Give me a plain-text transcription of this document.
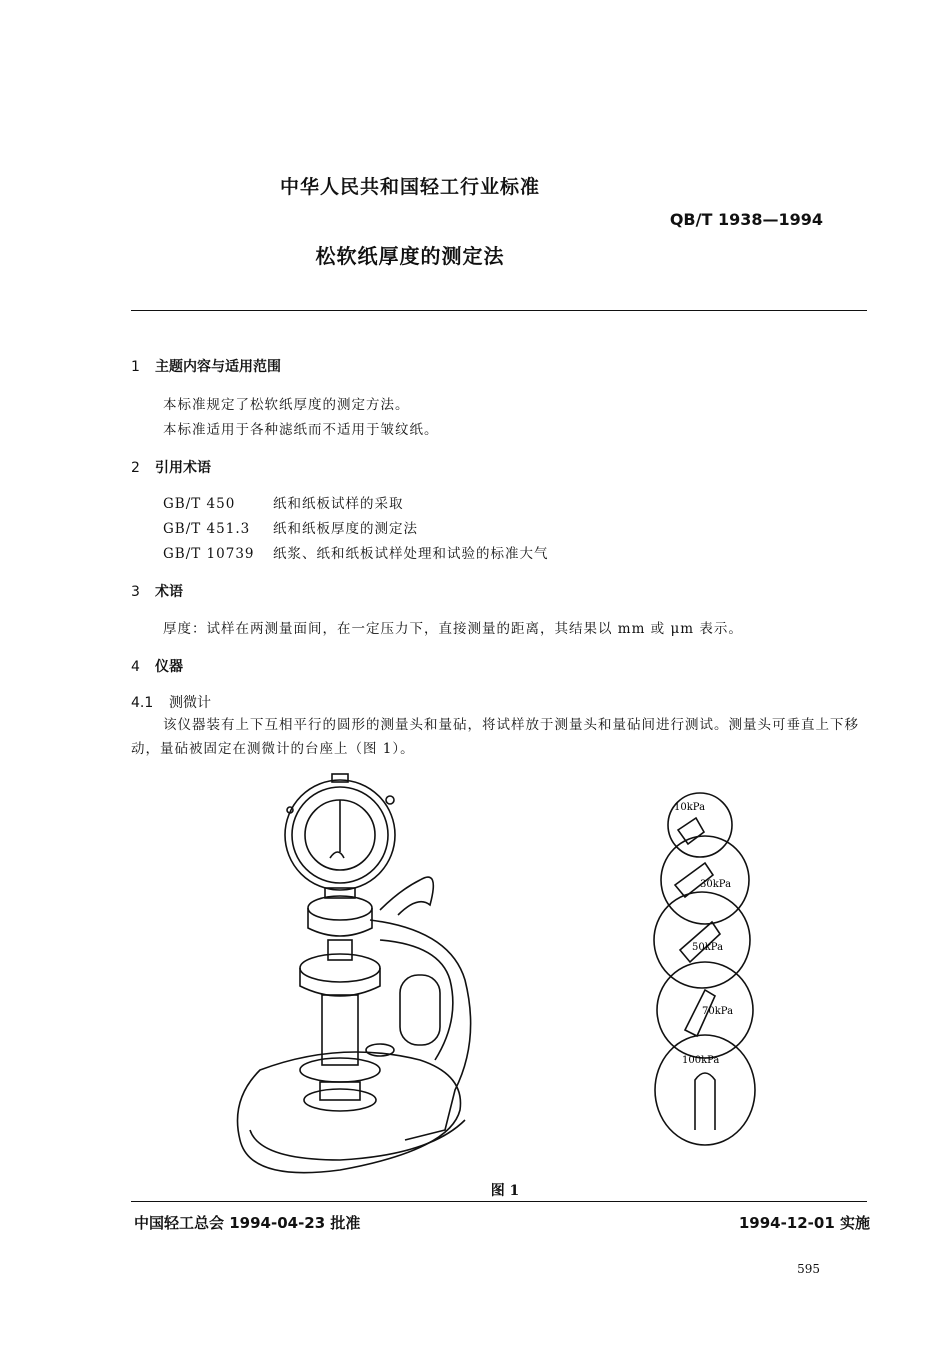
中华人民共和国轻工行业标准
QB/T 1938—1994
松软纸厚度的测定法
1 主题内容与适用范围
本标准规定了松软纸厚度的测定方法。
本标准适用于各种滤纸而不适用于皱纹纸。
2 引用术语
GB/T 450	纸和纸板试样的采取
GB/T 451.3 纸和纸板厚度的测定法
GB/T 10739 纸浆、纸和纸板试样处理和试验的标准大气
3 术语
厚度：试样在两测量面间，在一定压力下，直接测量的距离，其结果以 mm 或 μm 表示。
4 仪器
4.1 测微计
该仪器装有上下互相平行的圆形的测量头和量砧，将试样放于测量头和量砧间进行测试。测量头可垂直上下移动，量砧被固定在测微计的台座上（图 1）。
10kPa
30kPa
50kPa
70kPa
100kPa
图 1
中国轻工总会 1994-04-23 批准	1994-12-01 实施
595
